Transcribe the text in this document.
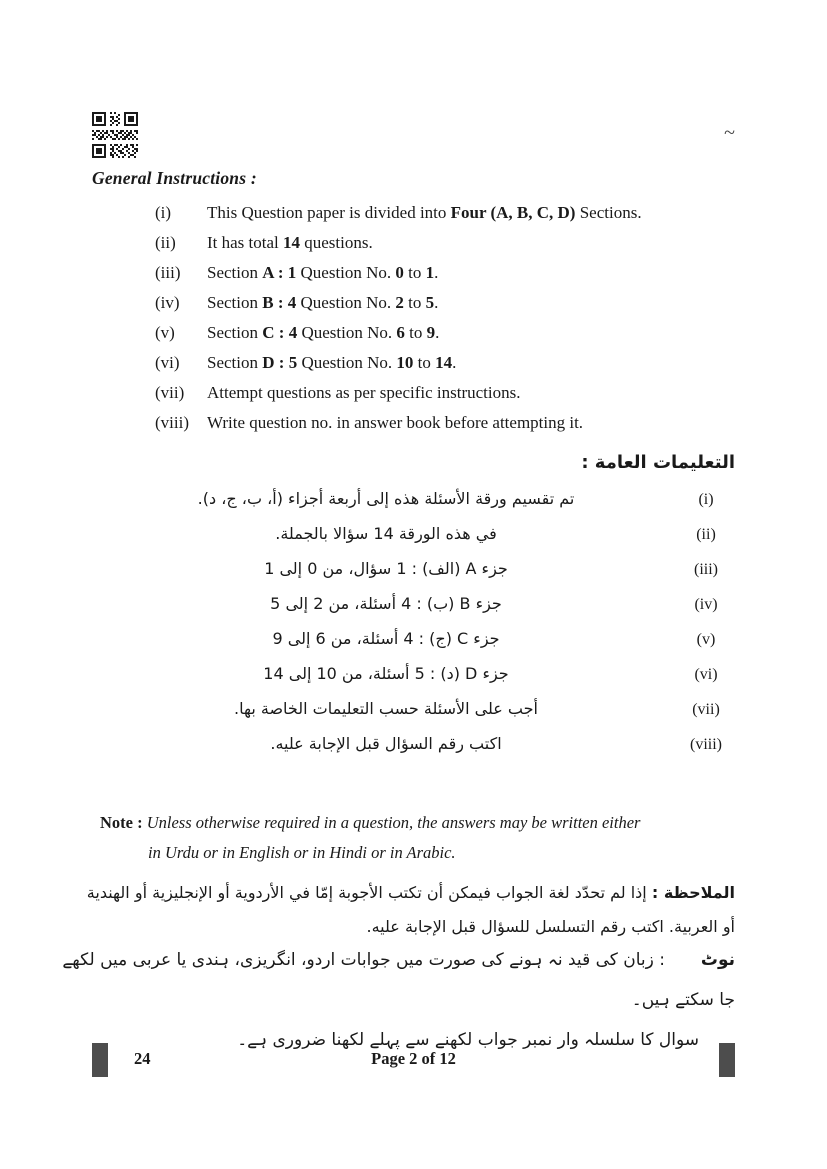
~
General Instructions :
(i)	This Question paper is divided into Four (A, B, C, D) Sections.
(ii)	It has total 14 questions.
(iii)	Section A : 1 Question No. 0 to 1.
(iv)	Section B : 4 Question No. 2 to 5.
(v)	Section C : 4 Question No. 6 to 9.
(vi)	Section D : 5 Question No. 10 to 14.
(vii)	Attempt questions as per specific instructions.
(viii)	Write question no. in answer book before attempting it.
التعليمات العامة :
(i)
تم تقسيم ورقة الأسئلة هذه إلى أربعة أجزاء (أ، ب، ج، د).
(ii)
في هذه الورقة 14 سؤالا بالجملة.
(iii)
جزء A (الف) : 1 سؤال، من 0 إلى 1
(iv)
جزء B (ب) : 4 أسئلة، من 2 إلى 5
(v)
جزء C (ج) : 4 أسئلة، من 6 إلى 9
(vi)
جزء D (د) : 5 أسئلة، من 10 إلى 14
(vii)
أجب على الأسئلة حسب التعليمات الخاصة بها.
(viii)
اكتب رقم السؤال قبل الإجابة عليه.
Note : Unless otherwise required in a question, the answers may be written either
in Urdu or in English or in Hindi or in Arabic.
الملاحظة : إذا لم تحدّد لغة الجواب فيمكن أن تكتب الأجوبة إمّا في الأردوية أو الإنجليزية أو الهندية أو العربية. اكتب رقم التسلسل للسؤال قبل الإجابة عليه.
نوٹ: زبان کی قید نہ ہونے کی صورت میں جوابات اردو، انگریزی، ہندی یا عربی میں لکھے جا سکتے ہیں۔
سوال کا سلسلہ وار نمبر جواب لکھنے سے پہلے لکھنا ضروری ہے۔
24	Page 2 of 12
